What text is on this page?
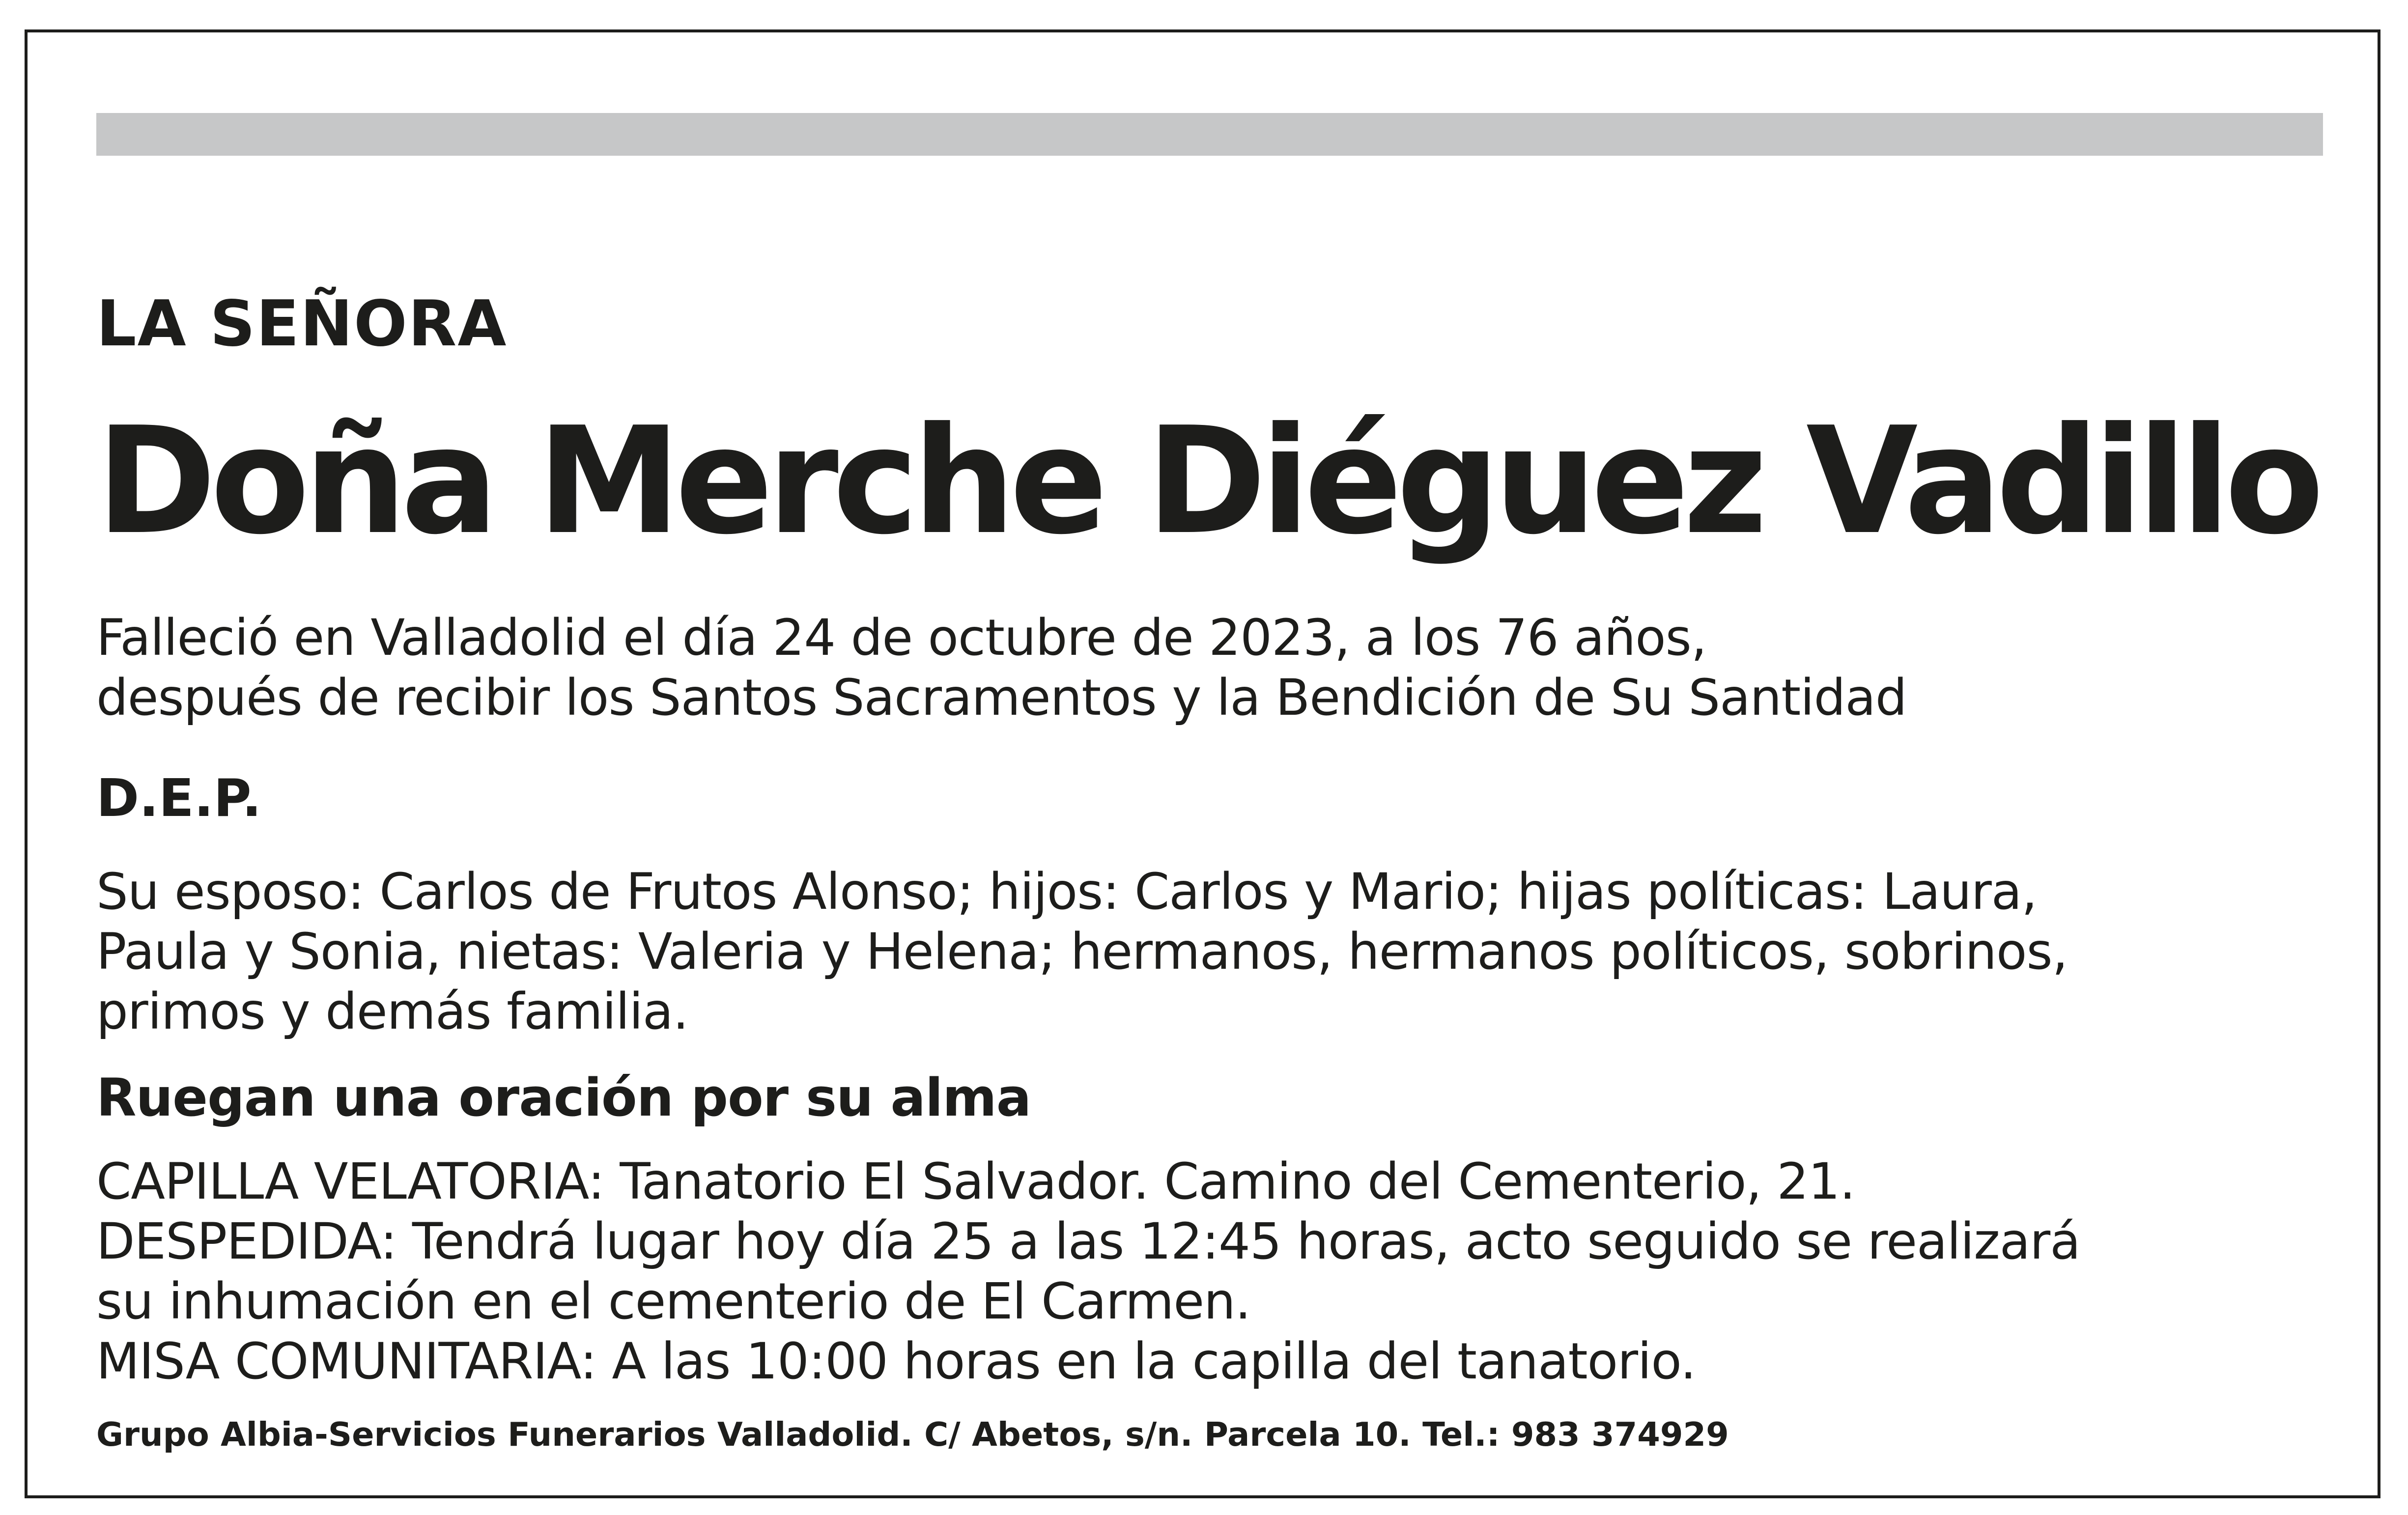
LA SEÑORA

Doña Merche Diéguez Vadillo

Falleció en Valladolid el día 24 de octubre de 2023, a los 76 años,
después de recibir los Santos Sacramentos y la Bendición de Su Santidad

D.E.P.

Su esposo: Carlos de Frutos Alonso; hijos: Carlos y Mario; hijas políticas: Laura,
Paula y Sonia, nietas: Valeria y Helena; hermanos, hermanos políticos, sobrinos,
primos y demás familia.

Ruegan una oración por su alma

CAPILLA VELATORIA: Tanatorio El Salvador. Camino del Cementerio, 21.
DESPEDIDA: Tendrá lugar hoy día 25 a las 12:45 horas, acto seguido se realizará
su inhumación en el cementerio de El Carmen.
MISA COMUNITARIA: A las 10:00 horas en la capilla del tanatorio.

Grupo Albia-Servicios Funerarios Valladolid. C/ Abetos, s/n. Parcela 10. Tel.: 983 374929
